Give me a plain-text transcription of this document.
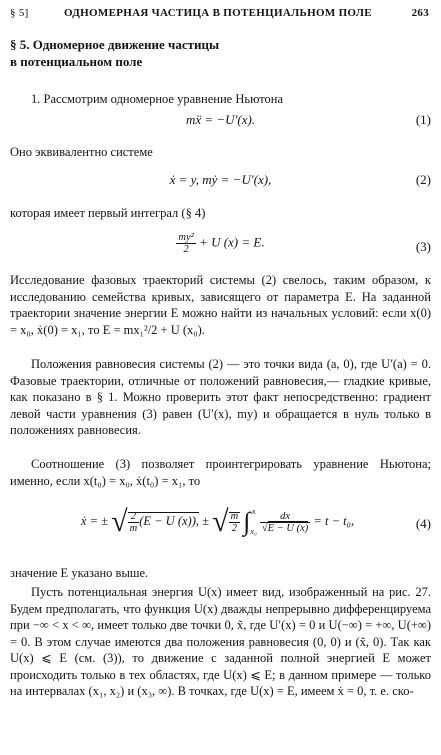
§ 5]	ОДНОМЕРНАЯ ЧАСТИЦА В ПОТЕНЦИАЛЬНОМ ПОЛЕ	263
§ 5. Одномерное движение частицы
в потенциальном поле
1. Рассмотрим одномерное уравнение Ньютона
mẍ = −U′(x).	(1)
Оно эквивалентно системе
ẋ = y, mẏ = −U′(x),	(2)
которая имеет первый интеграл (§ 4)
$\frac{\text{my²}}{2} + U$ (x) = E.	(3)
Исследование фазовых траекторий системы (2) свелось, таким образом, к исследованию семейства кривых, зависящего от параметра E. На заданной траектории значение энергии E можно найти из начальных условий: если x(0) = x₀, ẋ(0) = x₁, то E = mx₁²/2 + U (x₀).
Положения равновесия системы (2) — это точки вида (a, 0), где U′(a) = 0. Фазовые траектории, отличные от положений равновесия,— гладкие кривые, как показано в § 1. Можно проверить этот факт непосредственно: градиент левой части уравнения (3) равен (U′(x), my) и обращается в нуль только в положениях равновесия.
Соотношение (3) позволяет проинтегрировать уравнение Ньютона; именно, если x(t₀) = x₀, ẋ(t₀) = x₁, то
ẋ = ± √ $\frac{2}{m} (E - U$ (x)), ± √ $\frac{m}{2}$ ∫ x
x₀
$\frac{dx}{√E - U (x)} = t - t_0$,	(4)
значение E указано выше.
Пусть потенциальная энергия U(x) имеет вид, изображенный на рис. 27. Будем предполагать, что функция U(x) дважды непрерывно дифференцируема при −∞ < x < ∞, имеет только две точки 0, x̃, где U′(x) = 0 и U(−∞) = +∞, U(+∞) = 0. В этом случае имеются два положения равновесия (0, 0) и (x̃, 0). Так как U(x) ⩽ E (см. (3)), то движение с заданной полной энергией E может происходить только в тех областях, где U(x) ⩽ E; в данном примере — только на интервалах (x₁, x₂) и (x₃, ∞). В точках, где U(x) = E, имеем ẋ = 0, т. е. ско-
